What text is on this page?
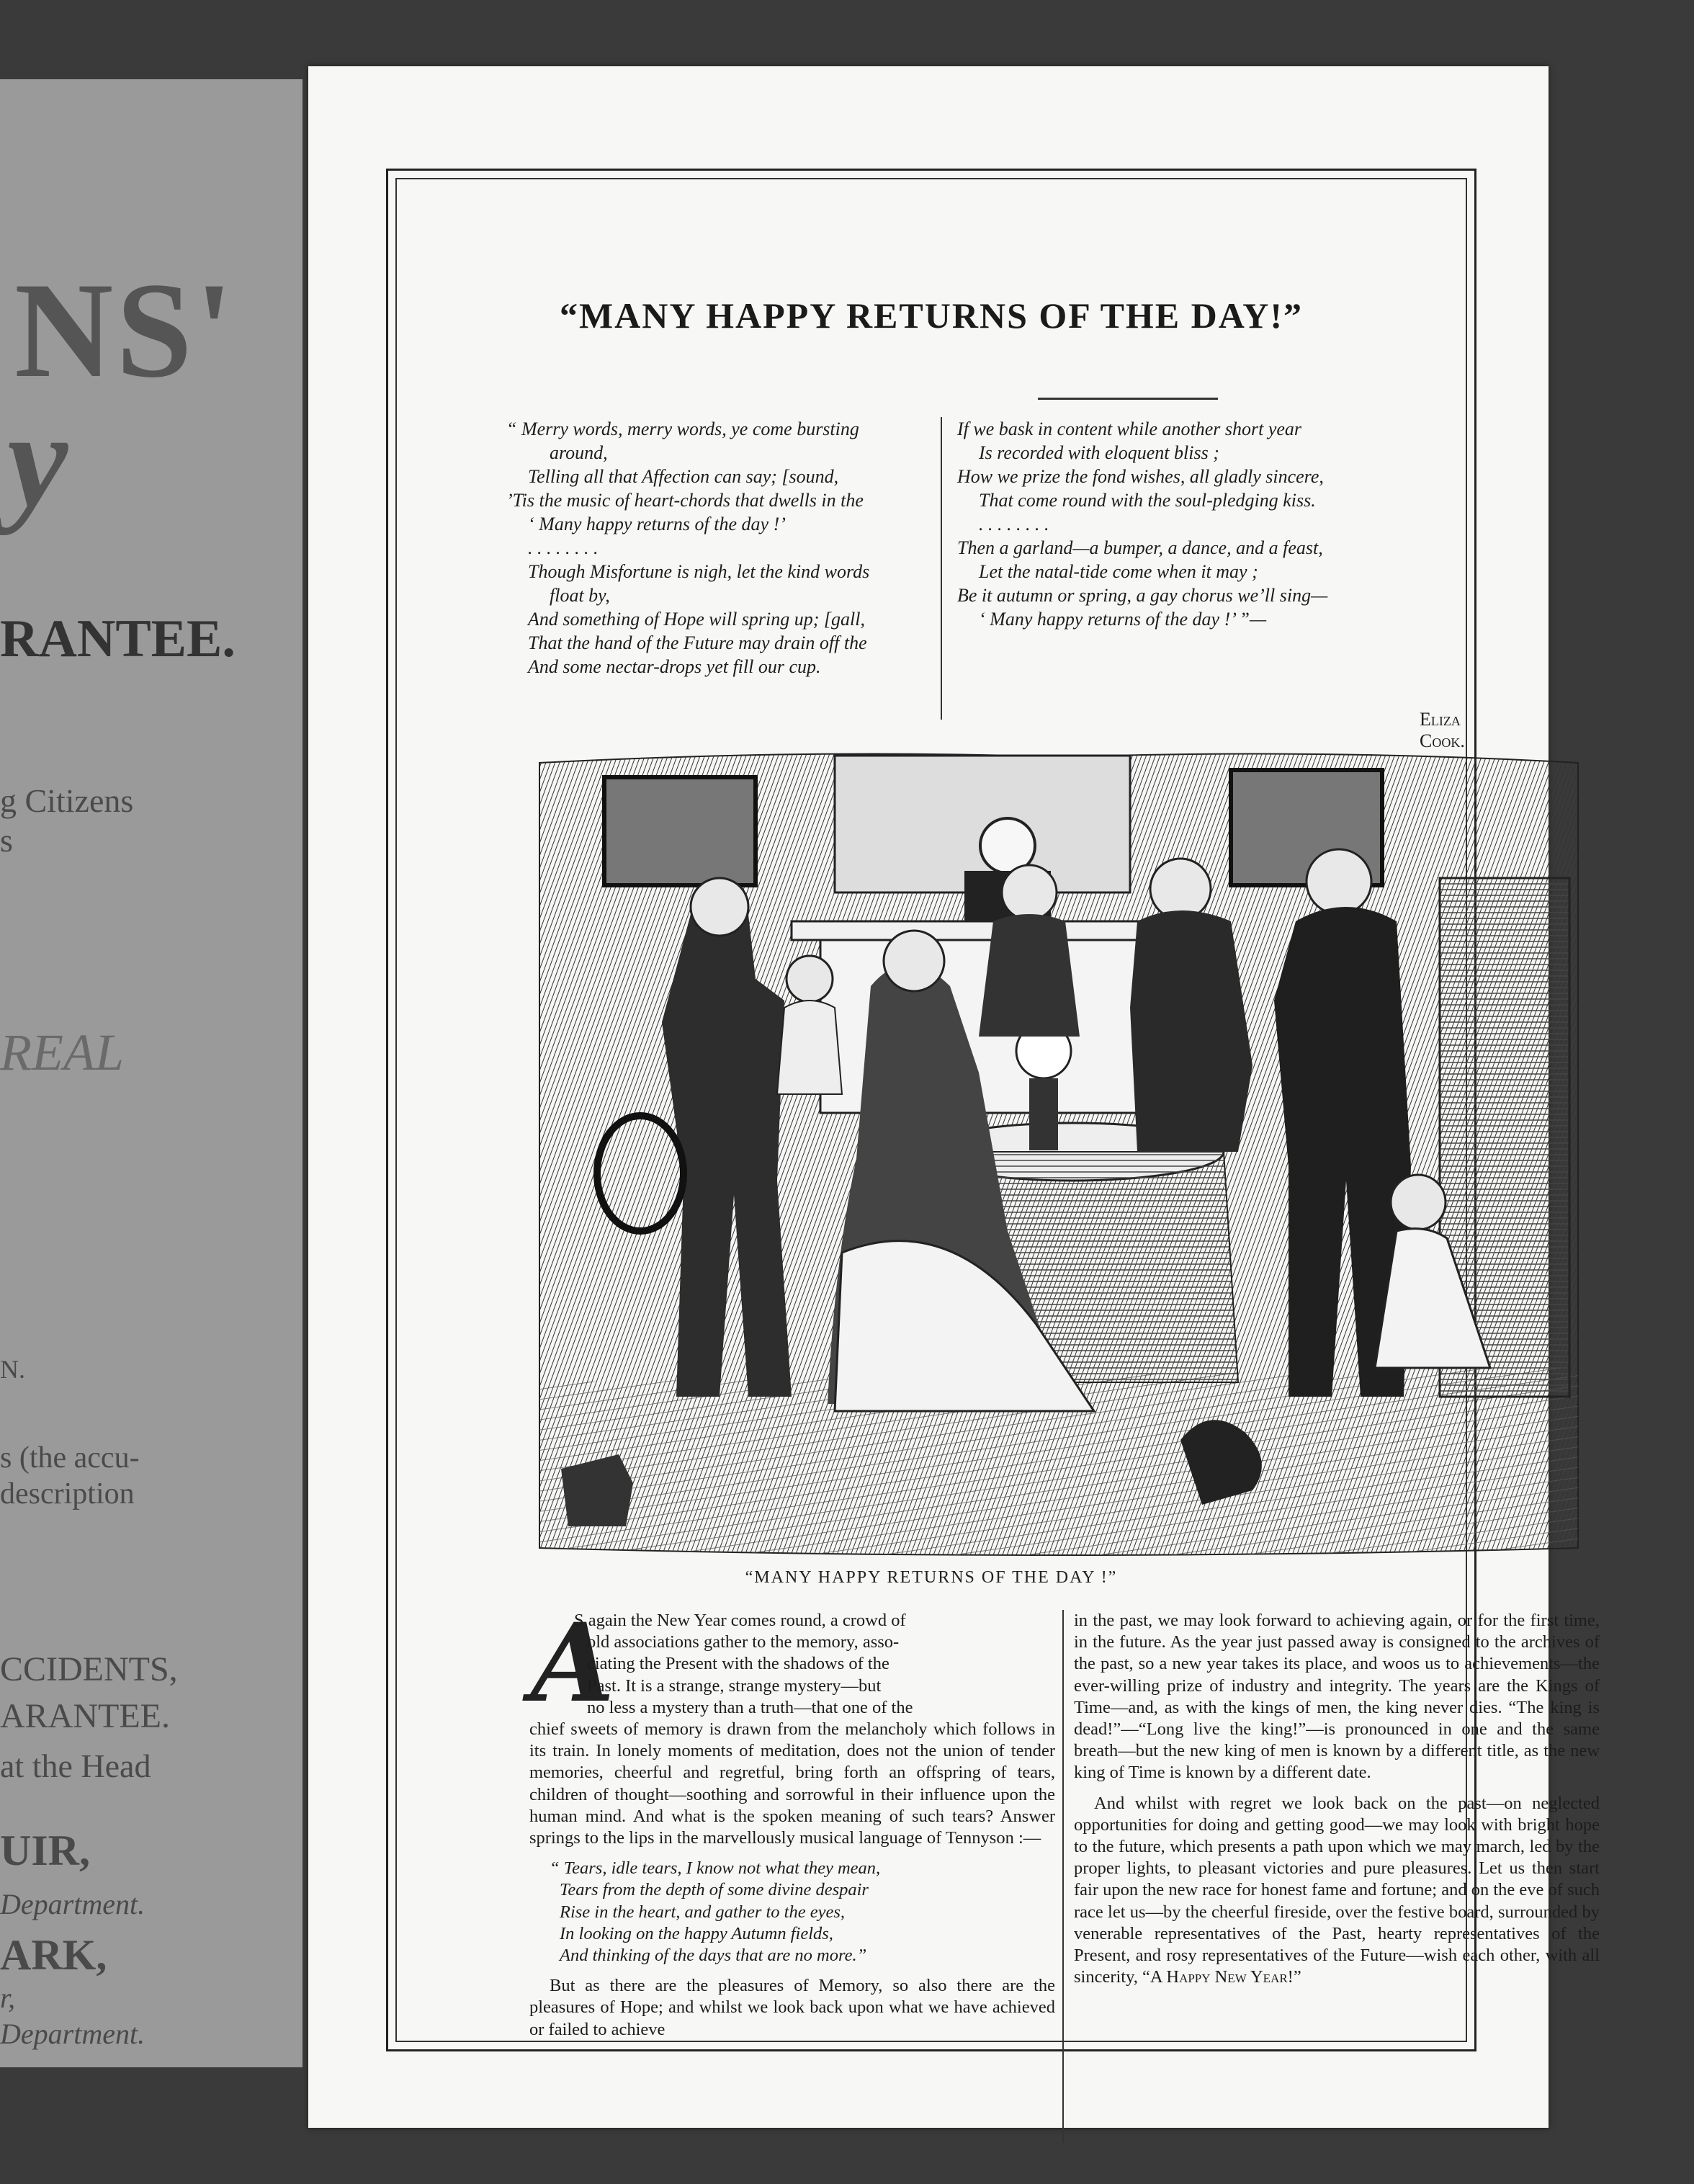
NS'
y
RANTEE.
g Citizens
s
REAL
N.
s (the accu-
description
CCIDENTS,
ARANTEE.
at the Head
UIR,
Department.
ARK,
r,
Department.
“MANY HAPPY RETURNS OF THE DAY!”
“ Merry words, merry words, ye come bursting
around,
Telling all that Affection can say; [sound,
’Tis the music of heart-chords that dwells in the
‘ Many happy returns of the day !’
. . . . . . . .
Though Misfortune is nigh, let the kind words
float by,
And something of Hope will spring up; [gall,
That the hand of the Future may drain off the
And some nectar-drops yet fill our cup.
If we bask in content while another short year
Is recorded with eloquent bliss ;
How we prize the fond wishes, all gladly sincere,
That come round with the soul-pledging kiss.
. . . . . . . .
Then a garland—a bumper, a dance, and a feast,
Let the natal-tide come when it may ;
Be it autumn or spring, a gay chorus we’ll sing—
‘ Many happy returns of the day !’ ”—
Eliza Cook.
“MANY HAPPY RETURNS OF THE DAY !”
A
S again the New Year comes round, a crowd of
old associations gather to the memory, asso-
ciating the Present with the shadows of the
Past. It is a strange, strange mystery—but
no less a mystery than a truth—that one of the

chief sweets of memory is drawn from the melancholy which follows in its train. In lonely moments of meditation, does not the union of tender memories, cheerful and regretful, bring forth an offspring of tears, children of thought—soothing and sorrowful in their influence upon the human mind. And what is the spoken meaning of such tears? Answer springs to the lips in the marvellously musical language of Tennyson :—

“ Tears, idle tears, I know not what they mean,
Tears from the depth of some divine despair
Rise in the heart, and gather to the eyes,
In looking on the happy Autumn fields,
And thinking of the days that are no more.”

But as there are the pleasures of Memory, so also there are the pleasures of Hope; and whilst we look back upon what we have achieved or failed to achieve

in the past, we may look forward to achieving again, or for the first time, in the future. As the year just passed away is consigned to the archives of the past, so a new year takes its place, and woos us to achievements—the ever-willing prize of industry and integrity. The years are the Kings of Time—and, as with the kings of men, the king never dies. “The king is dead!”—“Long live the king!”—is pronounced in one and the same breath—but the new king of men is known by a different title, as the new king of Time is known by a different date.

And whilst with regret we look back on the past—on neglected opportunities for doing and getting good—we may look with bright hope to the future, which presents a path upon which we may march, led by the proper lights, to pleasant victories and pure pleasures. Let us then start fair upon the new race for honest fame and fortune; and on the eve of such race let us—by the cheerful fireside, over the festive board, surrounded by venerable representatives of the Past, hearty representatives of the Present, and rosy representatives of the Future—wish each other, with all sincerity, “A Happy New Year!”
